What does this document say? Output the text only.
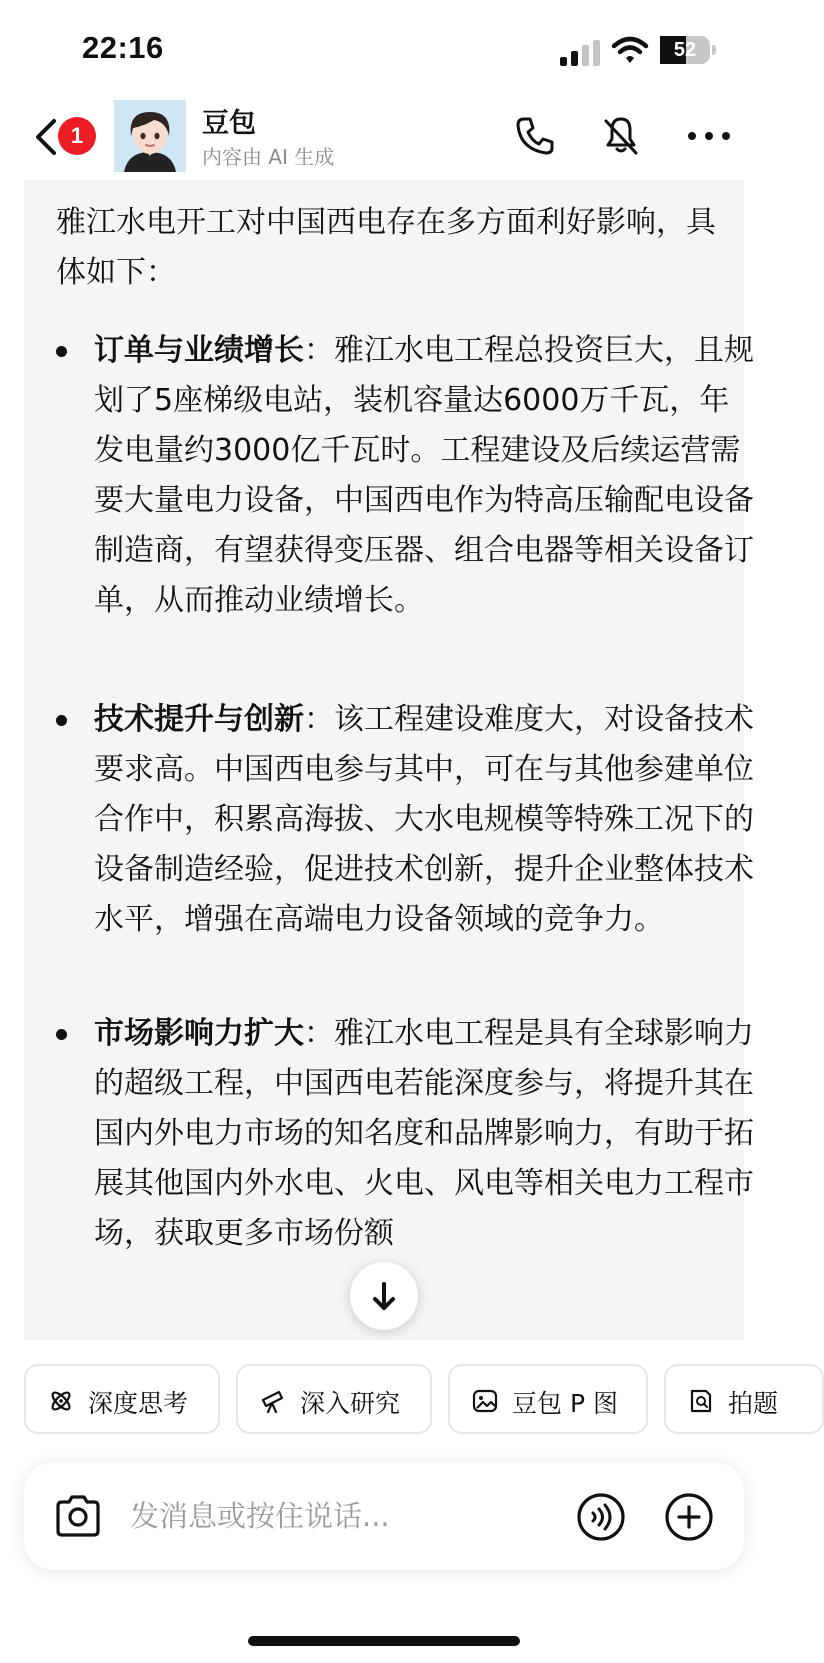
22:16	52
1	豆包
内容由 AI 生成

雅江水电开工对中国西电存在多方面利好影响，具体如下：

订单与业绩增长：雅江水电工程总投资巨大，且规划了5座梯级电站，装机容量达6000万千瓦，年发电量约3000亿千瓦时。工程建设及后续运营需要大量电力设备，中国西电作为特高压输配电设备制造商，有望获得变压器、组合电器等相关设备订单，从而推动业绩增长。

技术提升与创新：该工程建设难度大，对设备技术要求高。中国西电参与其中，可在与其他参建单位合作中，积累高海拔、大水电规模等特殊工况下的设备制造经验，促进技术创新，提升企业整体技术水平，增强在高端电力设备领域的竞争力。

市场影响力扩大：雅江水电工程是具有全球影响力的超级工程，中国西电若能深度参与，将提升其在国内外电力市场的知名度和品牌影响力，有助于拓展其他国内外水电、火电、风电等相关电力工程市场，获取更多市场份额

深度思考	深入研究	豆包 P 图	拍题
发消息或按住说话...
